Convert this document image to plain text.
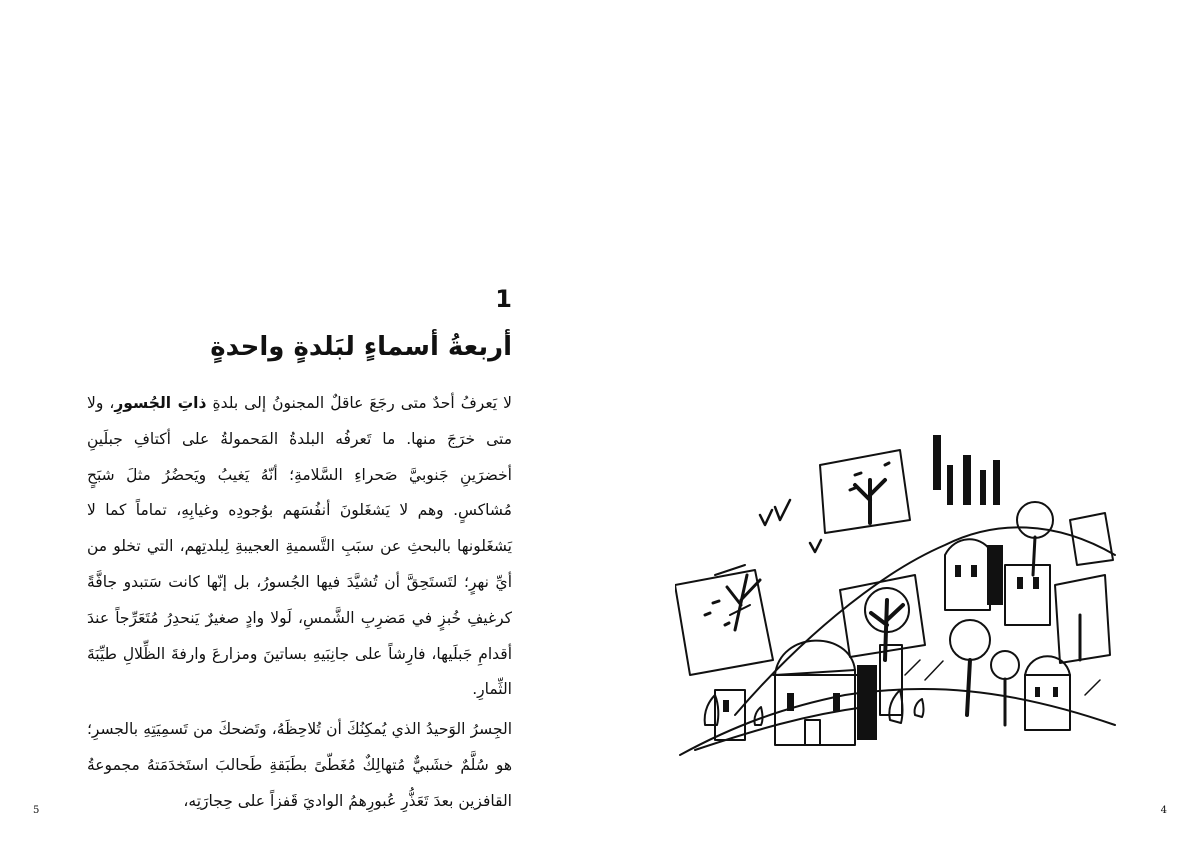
1
أربعةُ أسماءٍ لبَلدةٍ واحدةٍ

لا يَعرفُ أحدٌ متى رجَعَ عاقلٌ المجنونُ إلى بلدةِ ذاتِ الجُسورِ، ولا متى خرَجَ منها. ما تَعرفُه البلدةُ المَحمولةُ على أكتافِ جبلَينِ أخضرَينِ جَنوبيَّ صَحراءِ السَّلامةِ؛ أنّهُ يَغيبُ ويَحضُرُ مثلَ شبَحٍ مُشاكسٍ. وهم لا يَشغَلونَ أنفُسَهم بوُجودِه وغيابِهِ، تماماً كما لا يَشغَلونها بالبحثِ عن سبَبِ التَّسميةِ العجيبةِ لِبلدتِهم، التي تخلو من أيِّ نهرٍ؛ لتَستَحِقَّ أن تُشيَّدَ فيها الجُسورُ، بل إنّها كانت سَتبدو جافَّةً كرغيفِ خُبزٍ في مَضرِبِ الشَّمسِ، لَولا وادٍ صغيرٌ يَنحدِرُ مُتَعَرِّجاً عندَ أقدامِ جَبلَيها، فارِشاً على جانِبَيهِ بساتينَ ومزارعَ وارفةَ الظِّلالِ طيِّبَةَ الثِّمارِ.

الجِسرُ الوَحيدُ الذي يُمكِنُكَ أن تُلاحِظَهُ، وتَضحكَ من تَسمِيَتِهِ بالجسرِ؛ هو سُلَّمٌ خشَبيٌّ مُتهالِكٌ مُغَطّىً بطَبَقةِ طَحالبَ استَخدَمَتهُ مجموعةُ القافزين بعدَ تَعَذُّرِ عُبورِهمُ الواديَ قَفزاً على حِجارَتِه،

5	4
